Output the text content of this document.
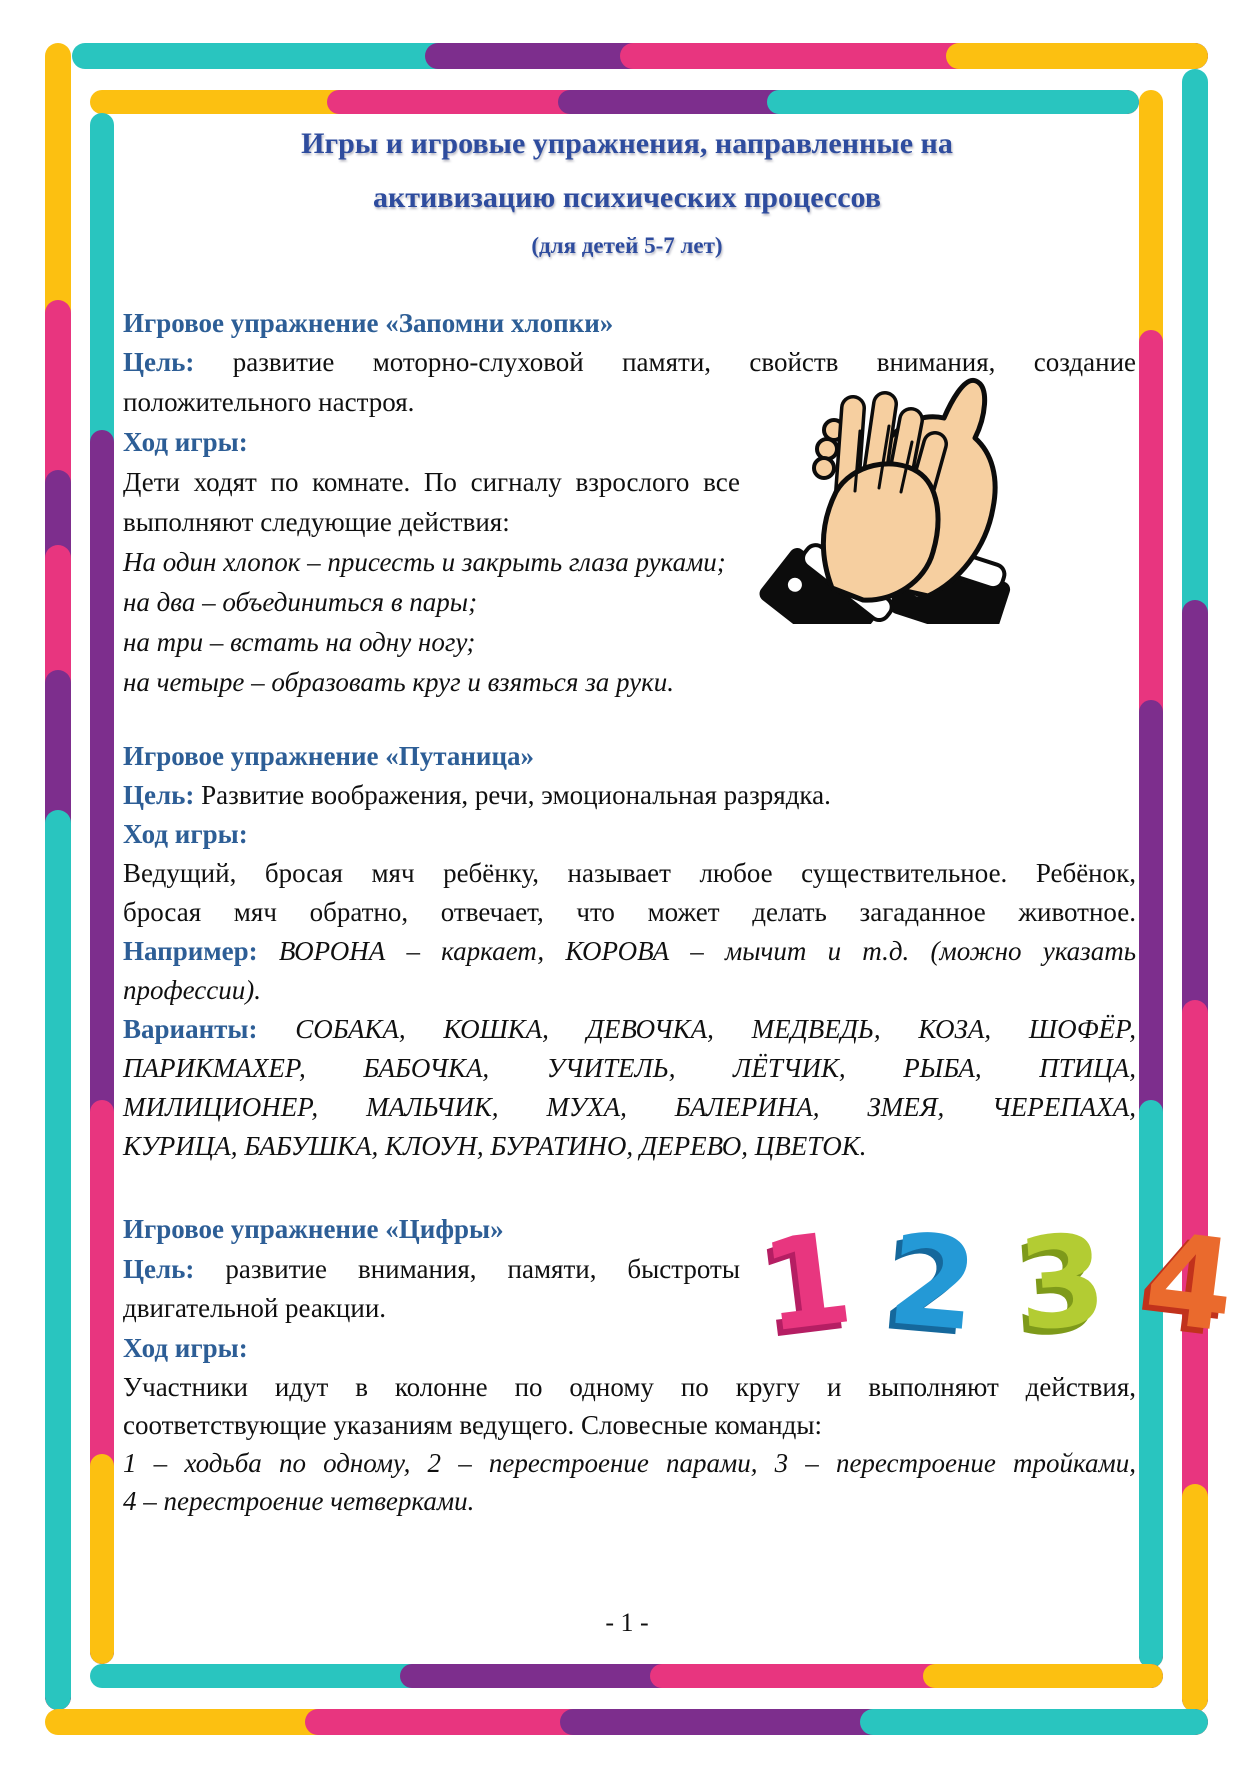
Игры и игровые упражнения, направленные на
активизацию психических процессов
(для детей 5-7 лет)
Игровое упражнение «Запомни хлопки»
Цель: развитие моторно-слуховой памяти, свойств внимания, создание
положительного настроя.
Ход игры:
Дети ходят по комнате. По сигналу взрослого все
выполняют следующие действия:
На один хлопок – присесть и закрыть глаза руками;
на два – объединиться в пары;
на три – встать на одну ногу;
на четыре – образовать круг и взяться за руки.
Игровое упражнение «Путаница»
Цель: Развитие воображения, речи, эмоциональная разрядка.
Ход игры:
Ведущий, бросая мяч ребёнку, называет любое существительное. Ребёнок,
бросая мяч обратно, отвечает, что может делать загаданное животное.
Например: ВОРОНА – каркает, КОРОВА – мычит и т.д. (можно указать
профессии).
Варианты: СОБАКА, КОШКА, ДЕВОЧКА, МЕДВЕДЬ, КОЗА, ШОФЁР,
ПАРИКМАХЕР, БАБОЧКА, УЧИТЕЛЬ, ЛЁТЧИК, РЫБА, ПТИЦА,
МИЛИЦИОНЕР, МАЛЬЧИК, МУХА, БАЛЕРИНА, ЗМЕЯ, ЧЕРЕПАХА,
КУРИЦА, БАБУШКА, КЛОУН, БУРАТИНО, ДЕРЕВО, ЦВЕТОК.
Игровое упражнение «Цифры»
Цель: развитие внимания, памяти, быстроты
двигательной реакции.
Ход игры:
Участники идут в колонне по одному по кругу и выполняют действия,
соответствующие указаниям ведущего. Словесные команды:
1 – ходьба по одному, 2 – перестроение парами, 3 – перестроение тройками,
4 – перестроение четверками.
1 2 3 4
- 1 -
